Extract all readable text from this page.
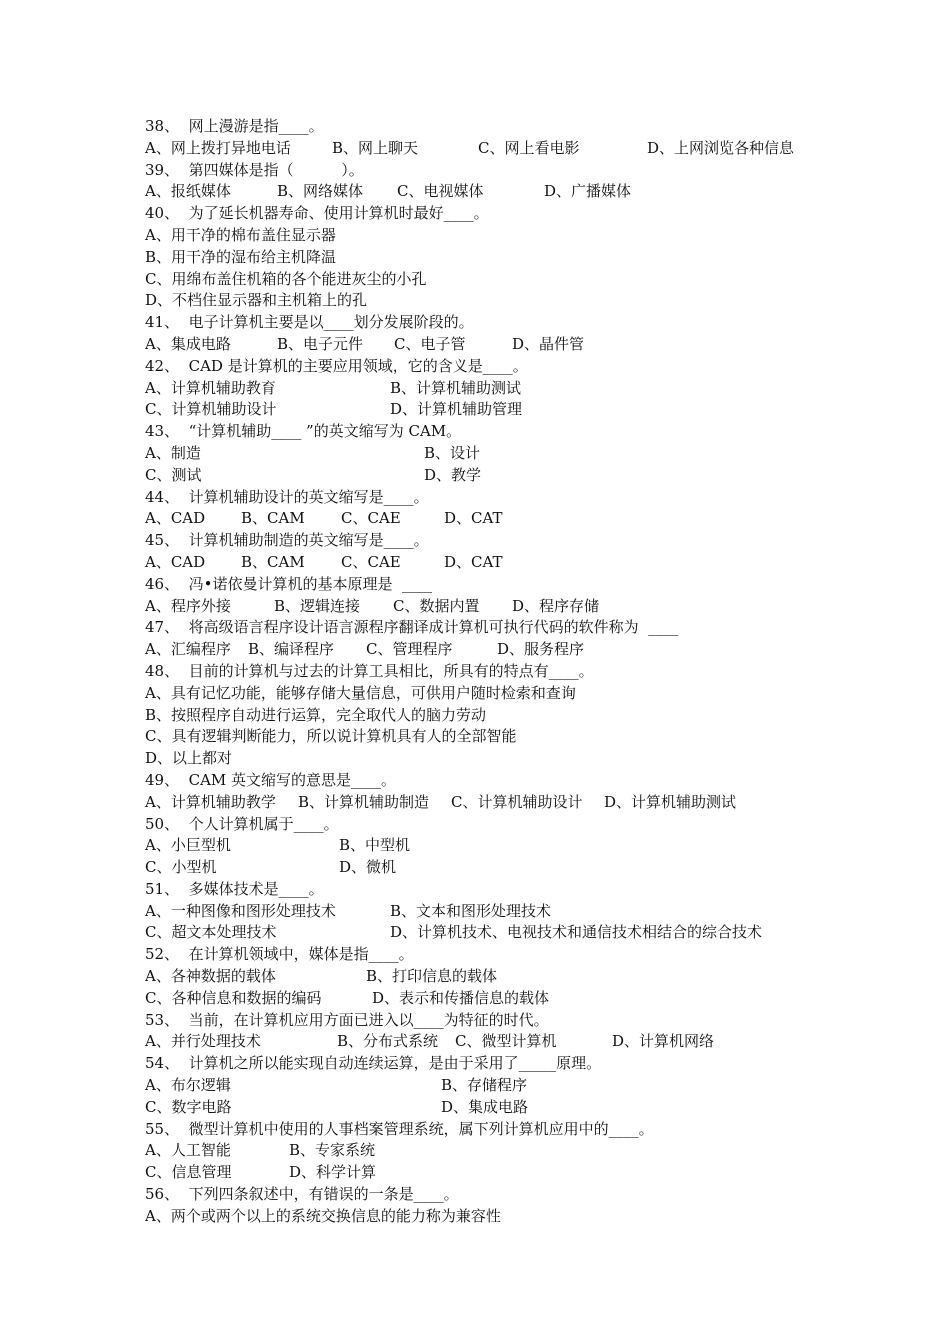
38、  网上漫游是指____。
A、网上拨打异地电话	B、网上聊天	C、网上看电影	D、上网浏览各种信息
39、  第四媒体是指（          ）。
A、报纸媒体	B、网络媒体 C、电视媒体	D、广播媒体
40、  为了延长机器寿命、使用计算机时最好____。
A、用干净的棉布盖住显示器
B、用干净的湿布给主机降温
C、用绵布盖住机箱的各个能进灰尘的小孔
D、不档住显示器和主机箱上的孔
41、  电子计算机主要是以____划分发展阶段的。
A、集成电路	B、电子元件 C、电子管	D、晶件管
42、  CAD 是计算机的主要应用领域，它的含义是____。
A、计算机辅助教育	B、计算机辅助测试
C、计算机辅助设计	D、计算机辅助管理
43、  “计算机辅助____ ”的英文缩写为 CAM。
A、制造	B、设计
C、测试	D、教学
44、  计算机辅助设计的英文缩写是____。
A、CAD B、CAM C、CAE	D、CAT
45、  计算机辅助制造的英文缩写是____。
A、CAD B、CAM C、CAE	D、CAT
46、  冯•诺依曼计算机的基本原理是  ____
A、程序外接	B、逻辑连接 C、数据内置 D、程序存储
47、  将高级语言程序设计语言源程序翻译成计算机可执行代码的软件称为  ____
A、汇编程序 B、编译程序 C、管理程序	D、服务程序
48、  目前的计算机与过去的计算工具相比，所具有的特点有____。
A、具有记忆功能，能够存储大量信息，可供用户随时检索和查询
B、按照程序自动进行运算，完全取代人的脑力劳动
C、具有逻辑判断能力，所以说计算机具有人的全部智能
D、以上都对
49、  CAM 英文缩写的意思是____。
A、计算机辅助教学 B、计算机辅助制造 C、计算机辅助设计 D、计算机辅助测试
50、  个人计算机属于____。
A、小巨型机	B、中型机
C、小型机	D、微机
51、  多媒体技术是____。
A、一种图像和图形处理技术	B、文本和图形处理技术
C、超文本处理技术	D、计算机技术、电视技术和通信技术相结合的综合技术
52、  在计算机领域中，媒体是指____。
A、各神数据的载体	B、打印信息的载体
C、各种信息和数据的编码	D、表示和传播信息的载体
53、  当前，在计算机应用方面已进入以____为特征的时代。
A、并行处理技术	B、分布式系统 C、微型计算机	D、计算机网络
54、  计算机之所以能实现自动连续运算，是由于采用了_____原理。
A、布尔逻辑	B、存储程序
C、数字电路	D、集成电路
55、  微型计算机中使用的人事档案管理系统，属下列计算机应用中的____。
A、人工智能	B、专家系统
C、信息管理	D、科学计算
56、  下列四条叙述中，有错误的一条是____。
A、两个或两个以上的系统交换信息的能力称为兼容性
